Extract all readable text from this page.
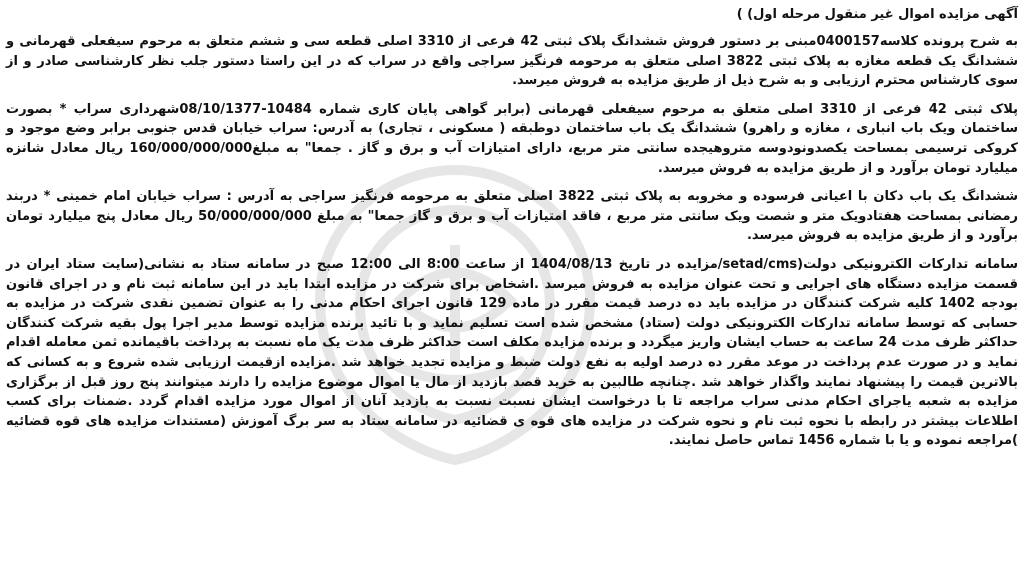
آگهی مزایده اموال غیر منقول مرحله اول) )

به شرح پرونده کلاسه0400157مبنی بر دستور فروش ششدانگ پلاک ثبتی 42 فرعی از 3310 اصلی قطعه سی و ششم متعلق به مرحوم سیفعلی قهرمانی و ششدانگ یک قطعه مغازه به پلاک ثبتی 3822 اصلی متعلق به مرحومه فرنگیز سراجی واقع در سراب که در این راستا دستور جلب نظر کارشناسی صادر و از سوی کارشناس محترم ارزیابی و به شرح ذیل از طریق مزایده به فروش میرسد.

پلاک ثبتی 42 فرعی از 3310 اصلی متعلق به مرحوم سیفعلی قهرمانی (برابر گواهی پایان کاری شماره 10484-08/10/1377شهرداری سراب * بصورت ساختمان ویک باب انباری ، مغازه و راهرو) ششدانگ یک باب ساختمان دوطبقه ( مسکونی ، تجاری) به آدرس: سراب خیابان قدس جنوبی برابر وضع موجود و کروکی ترسیمی بمساحت یکصدونودوسه متروهیجده سانتی متر مربع، دارای امتیازات آب و برق و گاز . جمعا" به مبلغ160/000/000/000 ریال معادل شانزه میلیارد تومان برآورد و از طریق مزایده به فروش میرسد.

ششدانگ یک باب دکان با اعیانی فرسوده و مخروبه به پلاک ثبتی 3822 اصلی متعلق به مرحومه فرنگیز سراجی به آدرس : سراب خیابان امام خمینی * دربند رمضانی بمساحت هفتادویک متر و شصت ویک سانتی متر مربع ، فاقد امتیازات آب و برق و گاز جمعا" به مبلغ 50/000/000/000 ریال معادل پنج میلیارد تومان برآورد و از طریق مزایده به فروش میرسد.

سامانه تدارکات الکترونیکی دولت(setad/cms/مزایده در تاریخ 1404/08/13 از ساعت 8:00 الی 12:00 صبح در سامانه ستاد به نشانی(سایت ستاد ایران در قسمت مزایده دستگاه های اجرایی و تحت عنوان مزایده به فروش میرسد .اشخاص برای شرکت در مزایده ابتدا باید در این سامانه ثبت نام و در اجرای قانون بودجه 1402 کلیه شرکت کنندگان در مزایده باید ده درصد قیمت مقرر در ماده 129 قانون اجرای احکام مدنی را به عنوان تضمین نقدی شرکت در مزایده به حسابی که توسط سامانه تدارکات الکترونیکی دولت (ستاد) مشخص شده است تسلیم نماید و با تائید برنده مزایده توسط مدیر اجرا پول بقیه شرکت کنندگان حداکثر ظرف مدت 24 ساعت به حساب ایشان واریز میگردد و برنده مزایده مکلف است حداکثر ظرف مدت یک ماه نسبت به پرداخت باقیمانده ثمن معامله اقدام نماید و در صورت عدم پرداخت در موعد مقرر ده درصد اولیه به نفع دولت ضبط و مزایده تجدید خواهد شد .مزایده ازقیمت ارزیابی شده شروع و به کسانی که بالاترین قیمت را پیشنهاد نمایند واگذار خواهد شد .چنانچه طالبین به خرید قصد بازدید از مال یا اموال موضوع مزایده را دارند میتوانند پنج روز قبل از برگزاری مزایده به شعبه یاجرای احکام مدنی سراب مراجعه تا با درخواست ایشان نسبت نسبت به بازدید آنان از اموال مورد مزایده اقدام گردد .ضمنات برای کسب اطلاعات بیشتر در رابطه با نحوه ثبت نام و نحوه شرکت در مزایده های قوه ی قضائیه در سامانه ستاد به سر برگ آموزش (مستندات مزایده های قوه قضائیه )مراجعه نموده و یا با شماره 1456 تماس حاصل نمایند.
